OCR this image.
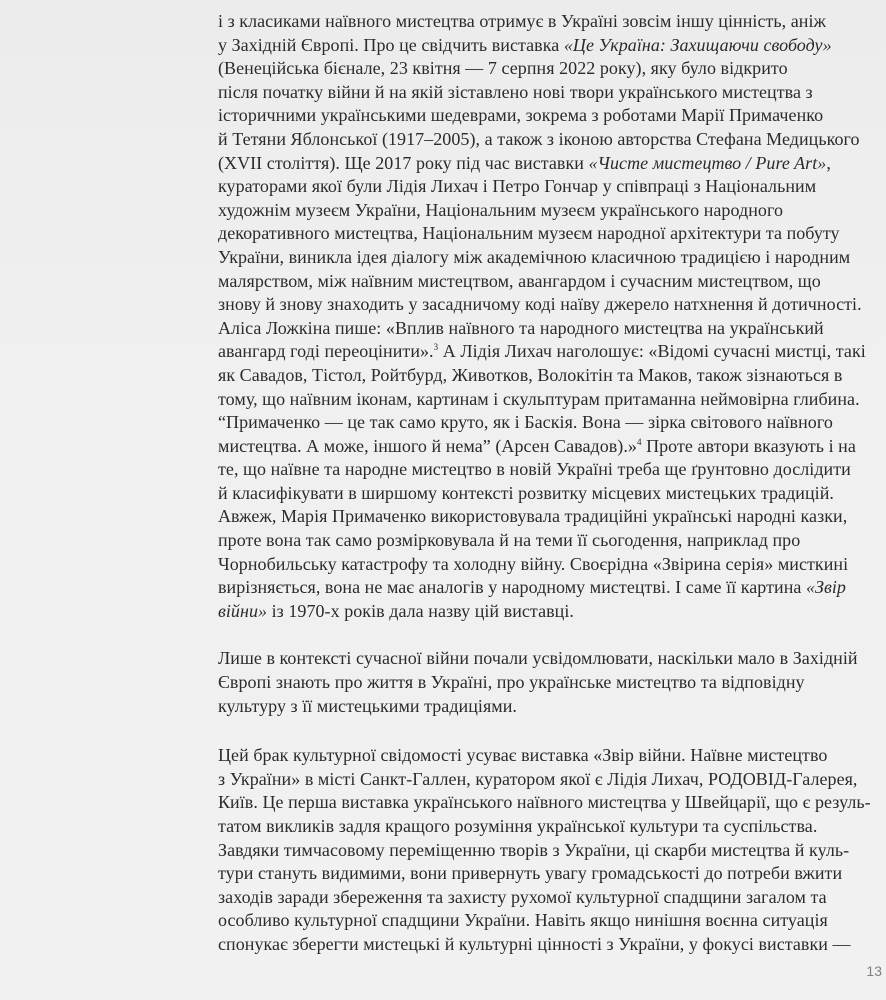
і з класиками наївного мистецтва отримує в Україні зовсім іншу цінність, аніж
у Західній Європі. Про це свідчить виставка «Це Україна: Захищаючи свободу»
(Венеційська бієнале, 23 квітня — 7 серпня 2022 року), яку було відкрито
після початку війни й на якій зіставлено нові твори українського мистецтва з
історичними українськими шедеврами, зокрема з роботами Марії Примаченко
й Тетяни Яблонської (1917–2005), а також з іконою авторства Стефана Медицького
(XVII століття). Ще 2017 року під час виставки «Чисте мистецтво / Pure Art»,
кураторами якої були Лідія Лихач і Петро Гончар у співпраці з Національним
художнім музеєм України, Національним музеєм українського народного
декоративного мистецтва, Національним музеєм народної архітектури та побуту
України, виникла ідея діалогу між академічною класичною традицією і народним
малярством, між наївним мистецтвом, авангардом і сучасним мистецтвом, що
знову й знову знаходить у засадничому коді наїву джерело натхнення й дотичності.
Аліса Ложкіна пише: «Вплив наївного та народного мистецтва на український
авангард годі переоцінити».$^3$ А Лідія Лихач наголошує: «Відомі сучасні мистці, такі
як Савадов, Тістол, Ройтбурд, Животков, Волокітін та Маков, також зізнаються в
тому, що наївним іконам, картинам і скульптурам притаманна неймовірна глибина.
“Примаченко — це так само круто, як і Баскія. Вона — зірка світового наївного
мистецтва. А може, іншого й нема” (Арсен Савадов).»$^4$ Проте автори вказують і на
те, що наївне та народне мистецтво в новій Україні треба ще ґрунтовно дослідити
й класифікувати в ширшому контексті розвитку місцевих мистецьких традицій.
Авжеж, Марія Примаченко використовувала традиційні українські народні казки,
проте вона так само розмірковувала й на теми її сьогодення, наприклад про
Чорнобильську катастрофу та холодну війну. Своєрідна «Звірина серія» мисткині
вирізняється, вона не має аналогів у народному мистецтві. І саме її картина «Звір
війни» із 1970-х років дала назву цій виставці.
Лише в контексті сучасної війни почали усвідомлювати, наскільки мало в Західній
Європі знають про життя в Україні, про українське мистецтво та відповідну
культуру з її мистецькими традиціями.
Цей брак культурної свідомості усуває виставка «Звір війни. Наївне мистецтво
з України» в місті Санкт-Галлен, куратором якої є Лідія Лихач, РОДОВІД-Галерея,
Київ. Це перша виставка українського наївного мистецтва у Швейцарії, що є резуль-
татом викликів задля кращого розуміння української культури та суспільства.
Завдяки тимчасовому переміщенню творів з України, ці скарби мистецтва й куль-
тури стануть видимими, вони привернуть увагу громадськості до потреби вжити
заходів заради збереження та захисту рухомої культурної спадщини загалом та
особливо культурної спадщини України. Навіть якщо нинішня воєнна ситуація
спонукає зберегти мистецькі й культурні цінності з України, у фокусі виставки —
13
